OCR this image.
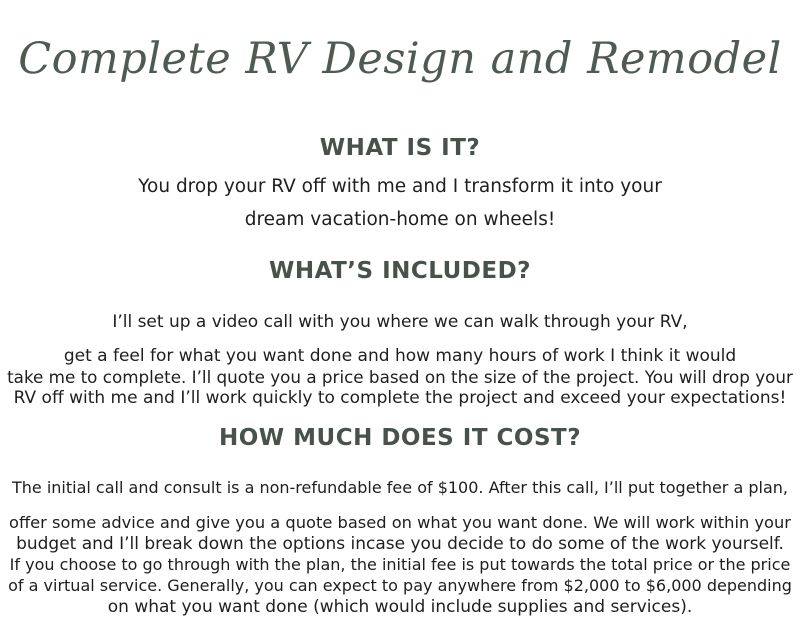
Complete RV Design and Remodel
WHAT IS IT?
You drop your RV off with me and I transform it into your
dream vacation-home on wheels!
WHAT’S INCLUDED?
I’ll set up a video call with you where we can walk through your RV,
get a feel for what you want done and how many hours of work I think it would
take me to complete. I’ll quote you a price based on the size of the project. You will drop your
RV off with me and I’ll work quickly to complete the project and exceed your expectations!
HOW MUCH DOES IT COST?
The initial call and consult is a non-refundable fee of $100. After this call, I’ll put together a plan,
offer some advice and give you a quote based on what you want done. We will work within your
budget and I’ll break down the options incase you decide to do some of the work yourself.
If you choose to go through with the plan, the initial fee is put towards the total price or the price
of a virtual service. Generally, you can expect to pay anywhere from $2,000 to $6,000 depending
on what you want done (which would include supplies and services).
